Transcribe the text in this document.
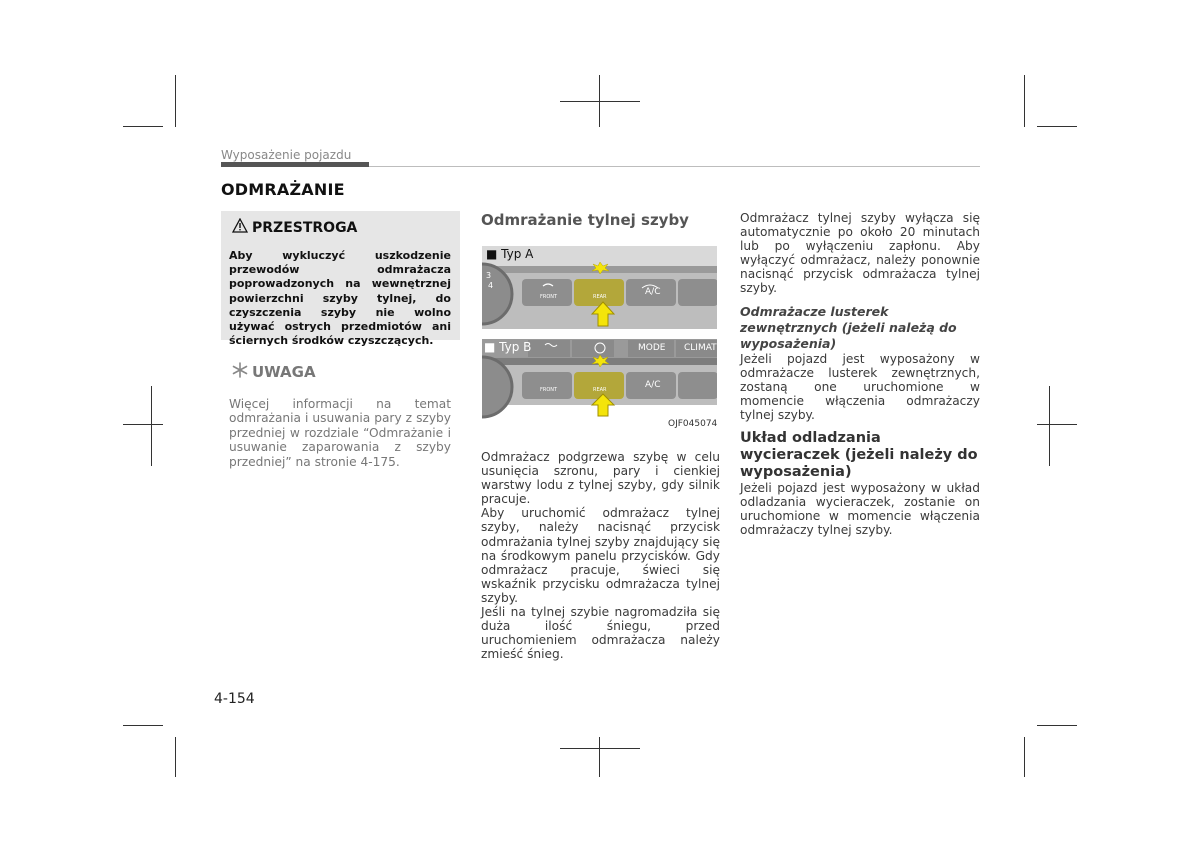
Wyposażenie pojazdu
ODMRAŻANIE
PRZESTROGA
Aby wykluczyć uszkodzenie przewodów odmrażacza poprowadzonych na wewnętrznej powierzchni szyby tylnej, do czyszczenia szyby nie wolno używać ostrych przedmiotów ani ściernych środków czyszczących.
UWAGA
Więcej informacji na temat odmrażania i usuwania pary z szyby przedniej w rozdziale “Odmrażanie i usuwanie zaparowania z szyby przedniej” na stronie 4-175.
Odmrażanie tylnej szyby
■ Typ A
3
4
FRONT	REAR	A/C
■ Typ B	MODE CLIMATE
FRONT	REAR	A/C
OJF045074

Odmrażacz podgrzewa szybę w celu usunięcia szronu, pary i cienkiej warstwy lodu z tylnej szyby, gdy silnik pracuje.

Aby uruchomić odmrażacz tylnej szyby, należy nacisnąć przycisk odmrażania tylnej szyby znajdujący się na środkowym panelu przycisków. Gdy odmrażacz pracuje, świeci się wskaźnik przycisku odmrażacza tylnej szyby.

Jeśli na tylnej szybie nagromadziła się duża ilość śniegu, przed uruchomieniem odmrażacza należy zmieść śnieg.

Odmrażacz tylnej szyby wyłącza się automatycznie po około 20 minutach lub po wyłączeniu zapłonu. Aby wyłączyć odmrażacz, należy ponownie nacisnąć przycisk odmrażacza tylnej szyby.

Odmrażacze lusterek zewnętrznych (jeżeli należą do wyposażenia)

Jeżeli pojazd jest wyposażony w odmrażacze lusterek zewnętrznych, zostaną one uruchomione w momencie włączenia odmrażaczy tylnej szyby.

Układ odladzania wycieraczek (jeżeli należy do wyposażenia)

Jeżeli pojazd jest wyposażony w układ odladzania wycieraczek, zostanie on uruchomione w momencie włączenia odmrażaczy tylnej szyby.

4-154
